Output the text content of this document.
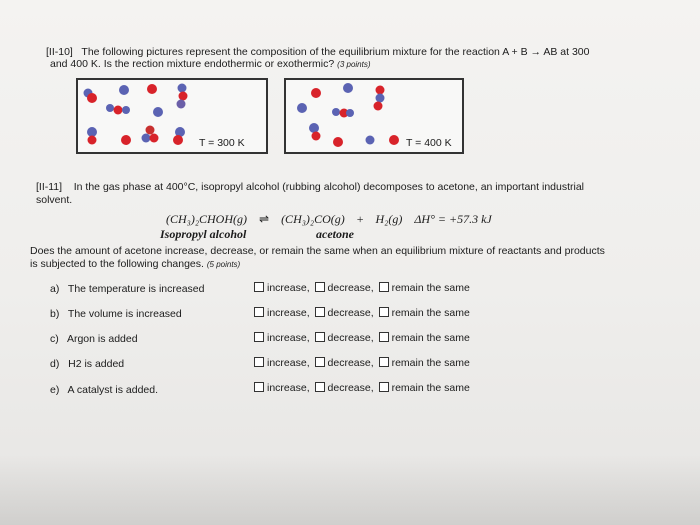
[II-10] The following pictures represent the composition of the equilibrium mixture for the reaction A + B → AB at 300
and 400 K. Is the rection mixture endothermic or exothermic? (3 points)
T = 300 K	T = 400 K
[II-11] In the gas phase at 400°C, isopropyl alcohol (rubbing alcohol) decomposes to acetone, an important industrial
solvent.
(CH₃)₂CHOH(g) ⇌ (CH₃)₂CO(g) + H₂(g) ΔH° = +57.3 kJ
Isopropyl alcohol	acetone
Does the amount of acetone increase, decrease, or remain the same when an equilibrium mixture of reactants and products
is subjected to the following changes. (5 points)
a) The temperature is increased
b) The volume is increased
c) Argon is added
d) H2 is added
e) A catalyst is added.
increase, decrease, remain the same
increase, decrease, remain the same
increase, decrease, remain the same
increase, decrease, remain the same
increase, decrease, remain the same
